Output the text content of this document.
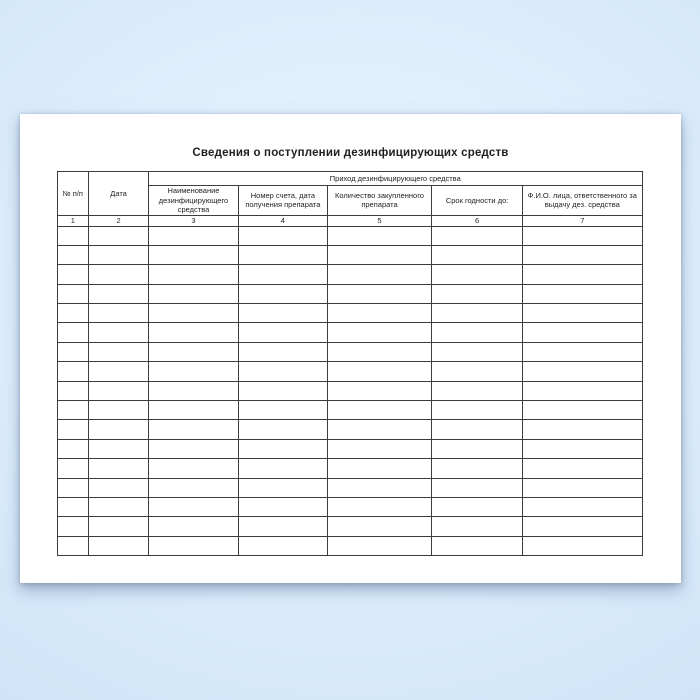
Сведения о поступлении дезинфицирующих средств
№ п/п	Дата	Приход дезинфицирующего средства				
		Наименование дезинфицирующего средства	Номер счета, дата получения препарата	Количество закупленного препарата	Срок годности до:	Ф.И.О. лица, ответственного за выдачу дез. средства
1	2	3	4	5	6	7
